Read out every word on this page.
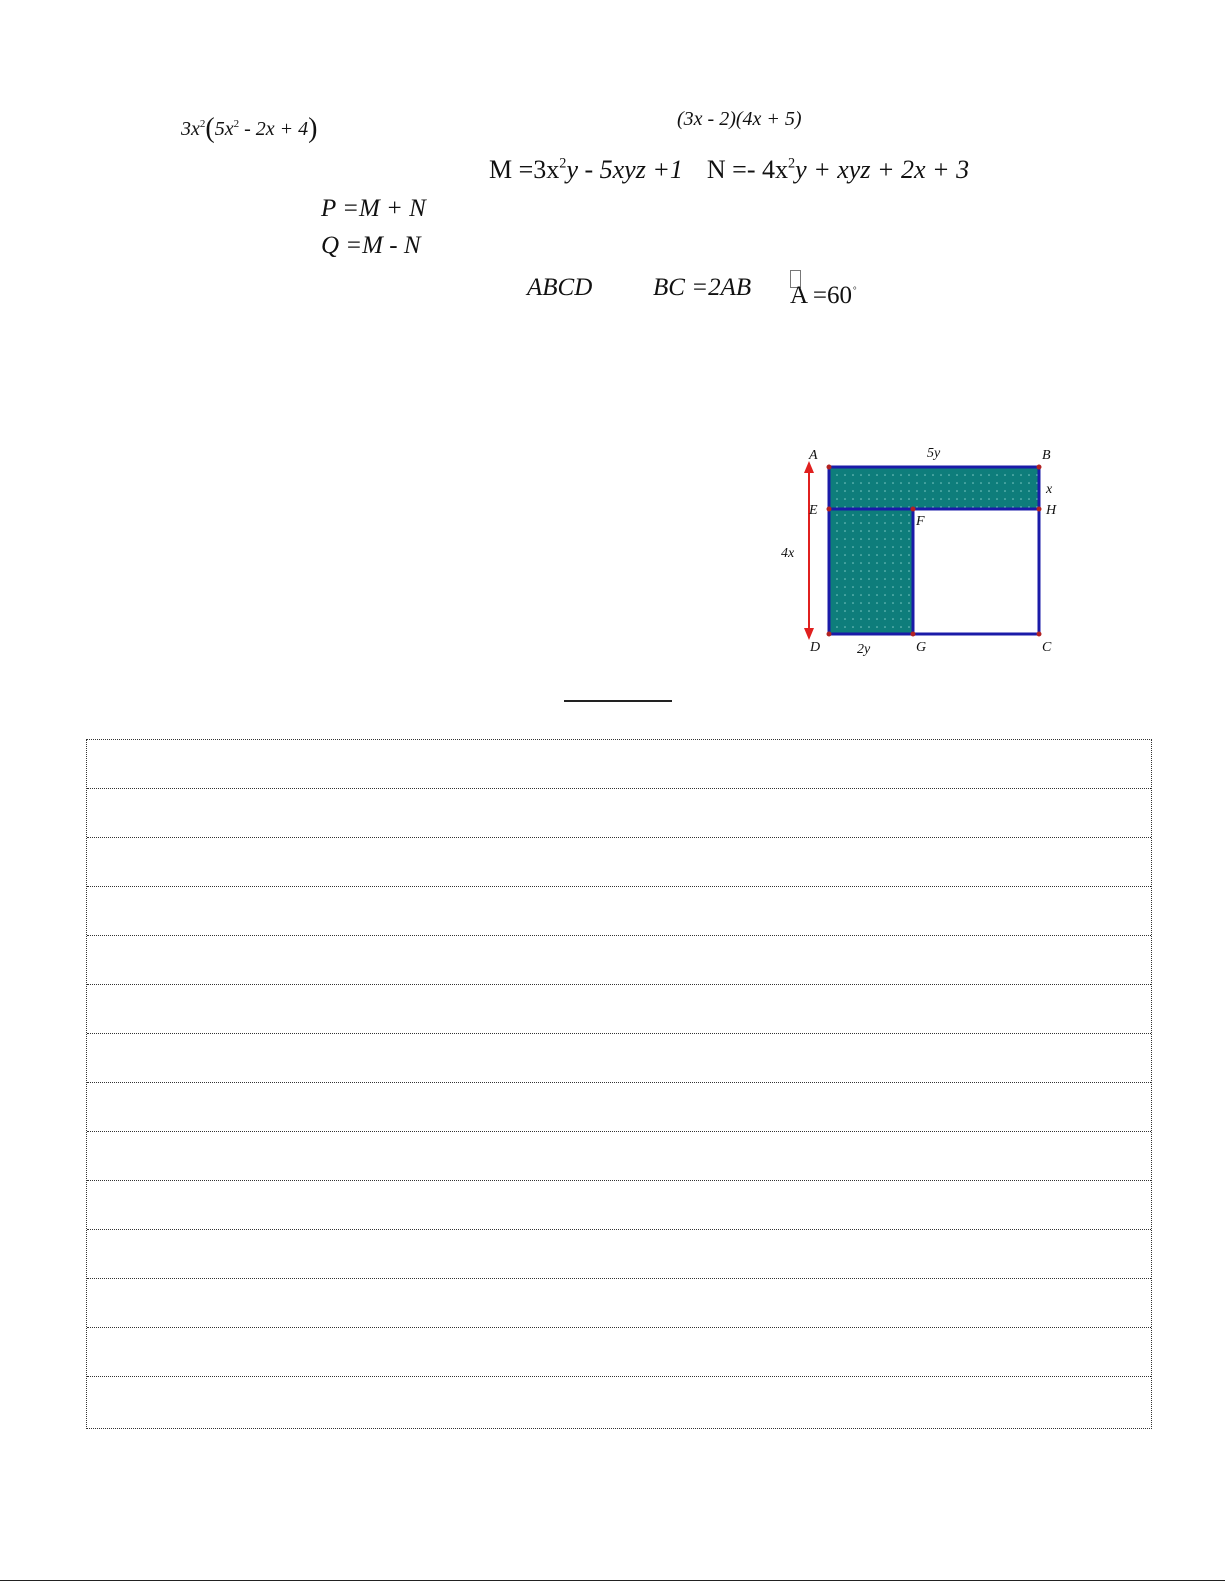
$3x^2(5x^2 - 2x + 4)$	(3x - 2)(4x + 5)
$M =3x^2y - 5xyz +1$ $N =- 4x^2y$ + xyz + 2x + 3
P =M + N
Q =M - N
ABCD BC =2AB A =60°
A	B
E
F
H
D	G	C
5y
x
4x
2y
